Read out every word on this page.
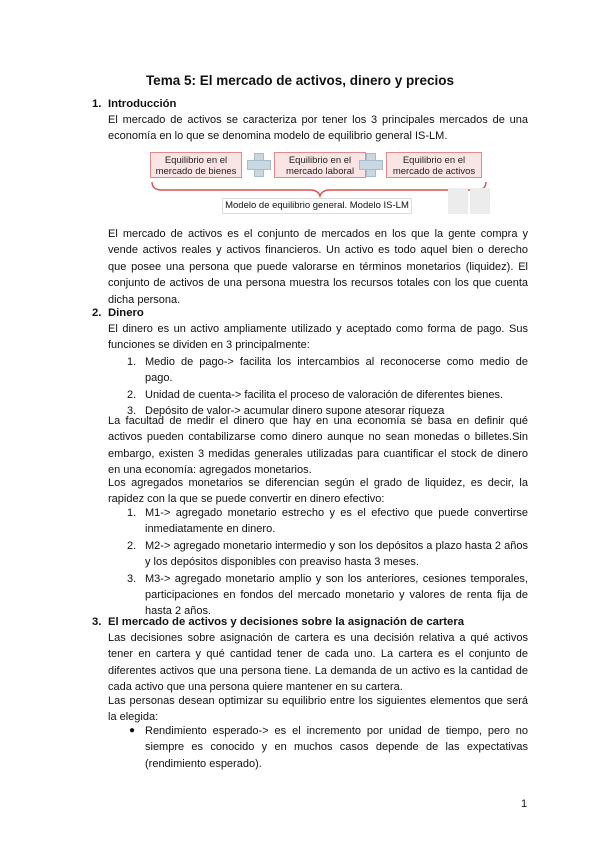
Tema 5: El mercado de activos, dinero y precios
1. Introducción

El mercado de activos se caracteriza por tener los 3 principales mercados de una economía en lo que se denomina modelo de equilibrio general IS-LM.

Equilibrio en el mercado de bienes
Equilibrio en el mercado laboral
Equilibrio en el mercado de activos
Modelo de equilibrio general. Modelo IS-LM

El mercado de activos es el conjunto de mercados en los que la gente compra y vende activos reales y activos financieros. Un activo es todo aquel bien o derecho que posee una persona que puede valorarse en términos monetarios (liquidez). El conjunto de activos de una persona muestra los recursos totales con los que cuenta dicha persona.

2. Dinero

El dinero es un activo ampliamente utilizado y aceptado como forma de pago. Sus funciones se dividen en 3 principalmente:

1. Medio de pago-> facilita los intercambios al reconocerse como medio de pago.
2. Unidad de cuenta-> facilita el proceso de valoración de diferentes bienes.
3. Depósito de valor-> acumular dinero supone atesorar riqueza

La facultad de medir el dinero que hay en una economía se basa en definir qué activos pueden contabilizarse como dinero aunque no sean monedas o billetes.Sin embargo, existen 3 medidas generales utilizadas para cuantificar el stock de dinero en una economía: agregados monetarios.

Los agregados monetarios se diferencian según el grado de liquidez, es decir, la rapidez con la que se puede convertir en dinero efectivo:

1. M1-> agregado monetario estrecho y es el efectivo que puede convertirse inmediatamente en dinero.
2. M2-> agregado monetario intermedio y son los depósitos a plazo hasta 2 años y los depósitos disponibles con preaviso hasta 3 meses.
3. M3-> agregado monetario amplio y son los anteriores, cesiones temporales, participaciones en fondos del mercado monetario y valores de renta fija de hasta 2 años.
3. El mercado de activos y decisiones sobre la asignación de cartera

Las decisiones sobre asignación de cartera es una decisión relativa a qué activos tener en cartera y qué cantidad tener de cada uno. La cartera es el conjunto de diferentes activos que una persona tiene. La demanda de un activo es la cantidad de cada activo que una persona quiere mantener en su cartera.

Las personas desean optimizar su equilibrio entre los siguientes elementos que será la elegida:

● Rendimiento esperado-> es el incremento por unidad de tiempo, pero no siempre es conocido y en muchos casos depende de las expectativas (rendimiento esperado).
1
